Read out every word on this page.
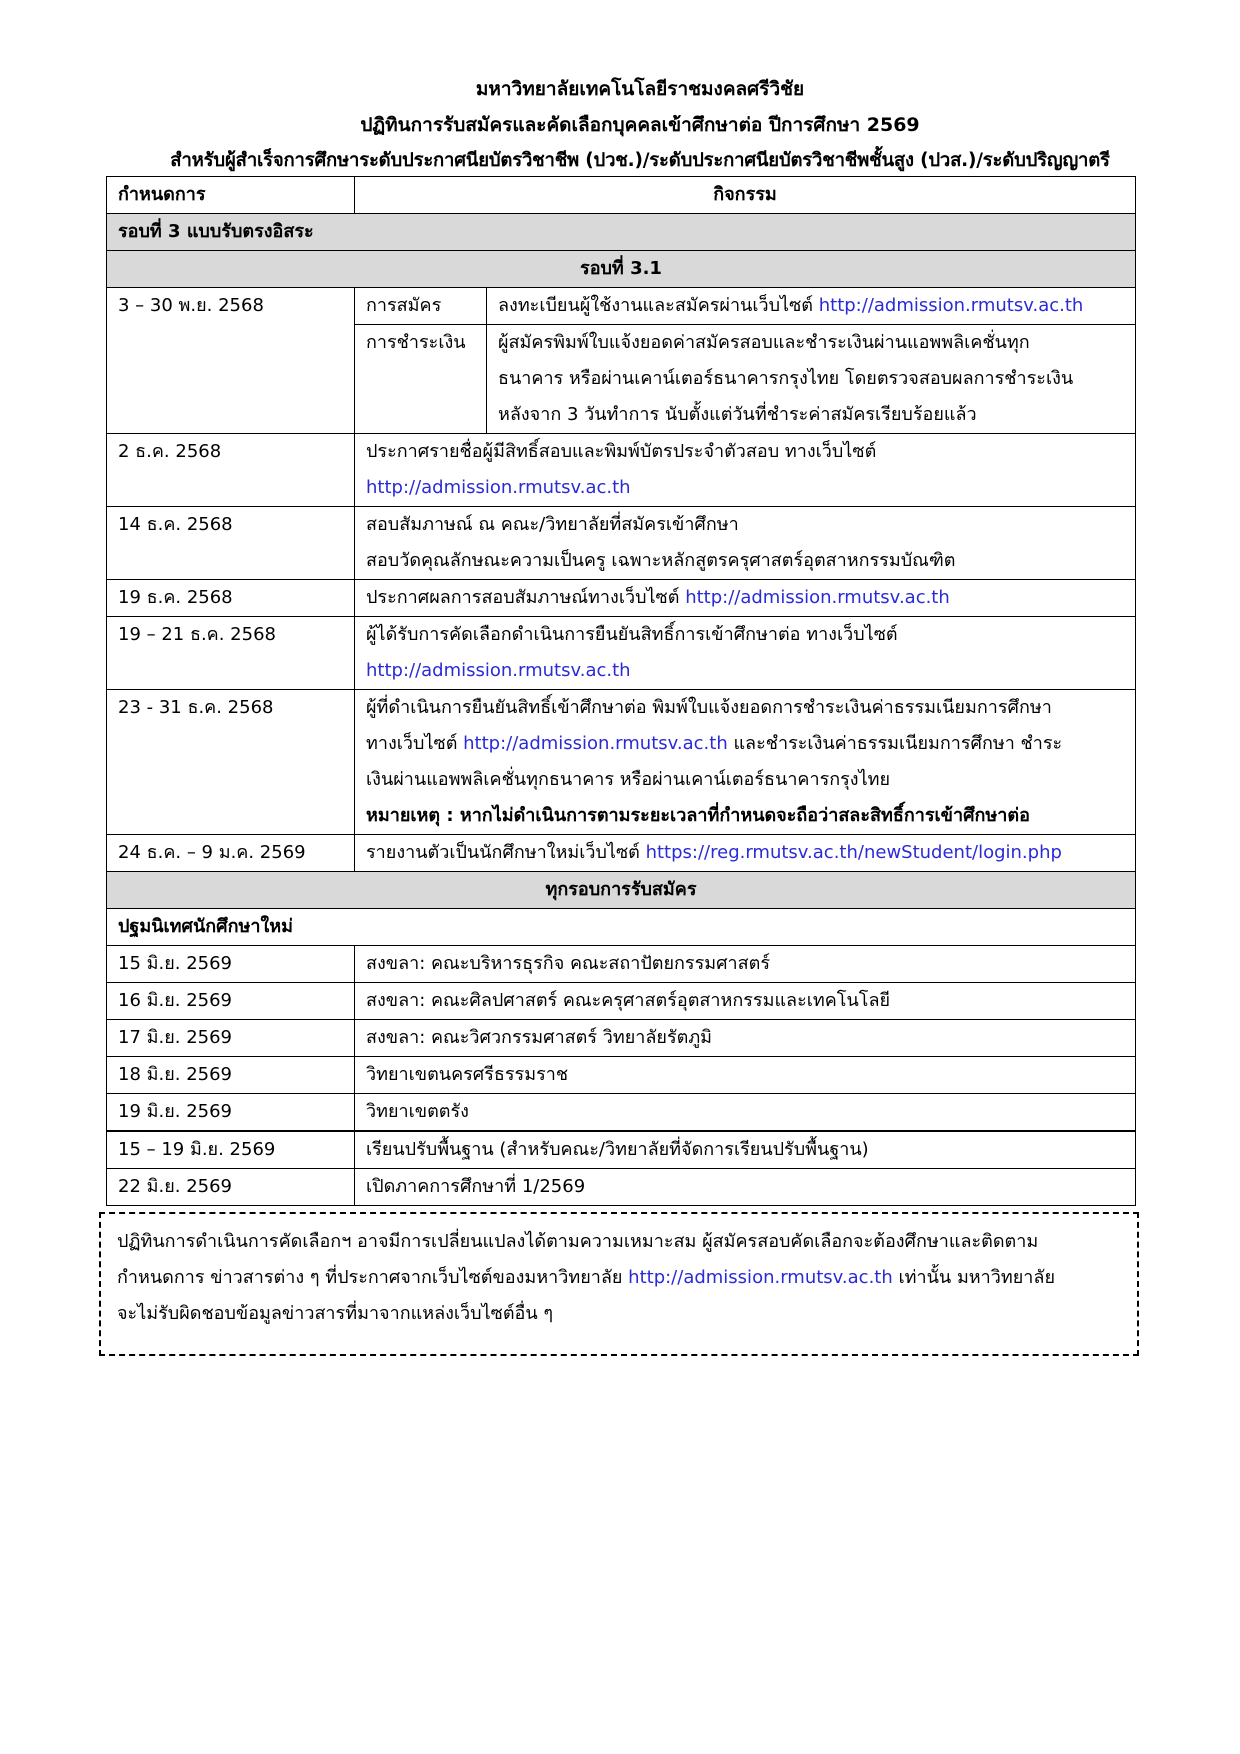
มหาวิทยาลัยเทคโนโลยีราชมงคลศรีวิชัย
ปฏิทินการรับสมัครและคัดเลือกบุคคลเข้าศึกษาต่อ ปีการศึกษา 2569
สำหรับผู้สำเร็จการศึกษาระดับประกาศนียบัตรวิชาชีพ (ปวช.)/ระดับประกาศนียบัตรวิชาชีพชั้นสูง (ปวส.)/ระดับปริญญาตรี
กำหนดการ	กิจกรรม	
รอบที่ 3 แบบรับตรงอิสระ		
รอบที่ 3.1		
3 – 30 พ.ย. 2568	การสมัคร	ลงทะเบียนผู้ใช้งานและสมัครผ่านเว็บไซต์ http://admission.rmutsv.ac.th
	การชำระเงิน	ผู้สมัครพิมพ์ใบแจ้งยอดค่าสมัครสอบและชำระเงินผ่านแอพพลิเคชั่นทุก
ธนาคาร หรือผ่านเคาน์เตอร์ธนาคารกรุงไทย โดยตรวจสอบผลการชำระเงิน
หลังจาก 3 วันทำการ นับตั้งแต่วันที่ชำระค่าสมัครเรียบร้อยแล้ว

2 ธ.ค. 2568	ประกาศรายชื่อผู้มีสิทธิ์สอบและพิมพ์บัตรประจำตัวสอบ ทางเว็บไซต์
http://admission.rmutsv.ac.th	

14 ธ.ค. 2568	สอบสัมภาษณ์ ณ คณะ/วิทยาลัยที่สมัครเข้าศึกษา
สอบวัดคุณลักษณะความเป็นครู เฉพาะหลักสูตรครุศาสตร์อุตสาหกรรมบัณฑิต	

19 ธ.ค. 2568	ประกาศผลการสอบสัมภาษณ์ทางเว็บไซต์ http://admission.rmutsv.ac.th	
19 – 21 ธ.ค. 2568	ผู้ได้รับการคัดเลือกดำเนินการยืนยันสิทธิ์การเข้าศึกษาต่อ ทางเว็บไซต์
http://admission.rmutsv.ac.th	

23 - 31 ธ.ค. 2568	ผู้ที่ดำเนินการยืนยันสิทธิ์เข้าศึกษาต่อ พิมพ์ใบแจ้งยอดการชำระเงินค่าธรรมเนียมการศึกษา
ทางเว็บไซต์ http://admission.rmutsv.ac.th และชำระเงินค่าธรรมเนียมการศึกษา ชำระ
เงินผ่านแอพพลิเคชั่นทุกธนาคาร หรือผ่านเคาน์เตอร์ธนาคารกรุงไทย
หมายเหตุ : หากไม่ดำเนินการตามระยะเวลาที่กำหนดจะถือว่าสละสิทธิ์การเข้าศึกษาต่อ	

24 ธ.ค. – 9 ม.ค. 2569	รายงานตัวเป็นนักศึกษาใหม่เว็บไซต์ https://reg.rmutsv.ac.th/newStudent/login.php	
ทุกรอบการรับสมัคร		
ปฐมนิเทศนักศึกษาใหม่		
15 มิ.ย. 2569	สงขลา: คณะบริหารธุรกิจ คณะสถาปัตยกรรมศาสตร์	
16 มิ.ย. 2569	สงขลา: คณะศิลปศาสตร์ คณะครุศาสตร์อุตสาหกรรมและเทคโนโลยี	
17 มิ.ย. 2569	สงขลา: คณะวิศวกรรมศาสตร์ วิทยาลัยรัตภูมิ	
18 มิ.ย. 2569	วิทยาเขตนครศรีธรรมราช	
19 มิ.ย. 2569	วิทยาเขตตรัง	
15 – 19 มิ.ย. 2569	เรียนปรับพื้นฐาน (สำหรับคณะ/วิทยาลัยที่จัดการเรียนปรับพื้นฐาน)	
22 มิ.ย. 2569	เปิดภาคการศึกษาที่ 1/2569	
ปฏิทินการดำเนินการคัดเลือกฯ อาจมีการเปลี่ยนแปลงได้ตามความเหมาะสม ผู้สมัครสอบคัดเลือกจะต้องศึกษาและติดตาม
กำหนดการ ข่าวสารต่าง ๆ ที่ประกาศจากเว็บไซต์ของมหาวิทยาลัย http://admission.rmutsv.ac.th เท่านั้น มหาวิทยาลัย
จะไม่รับผิดชอบข้อมูลข่าวสารที่มาจากแหล่งเว็บไซต์อื่น ๆ
